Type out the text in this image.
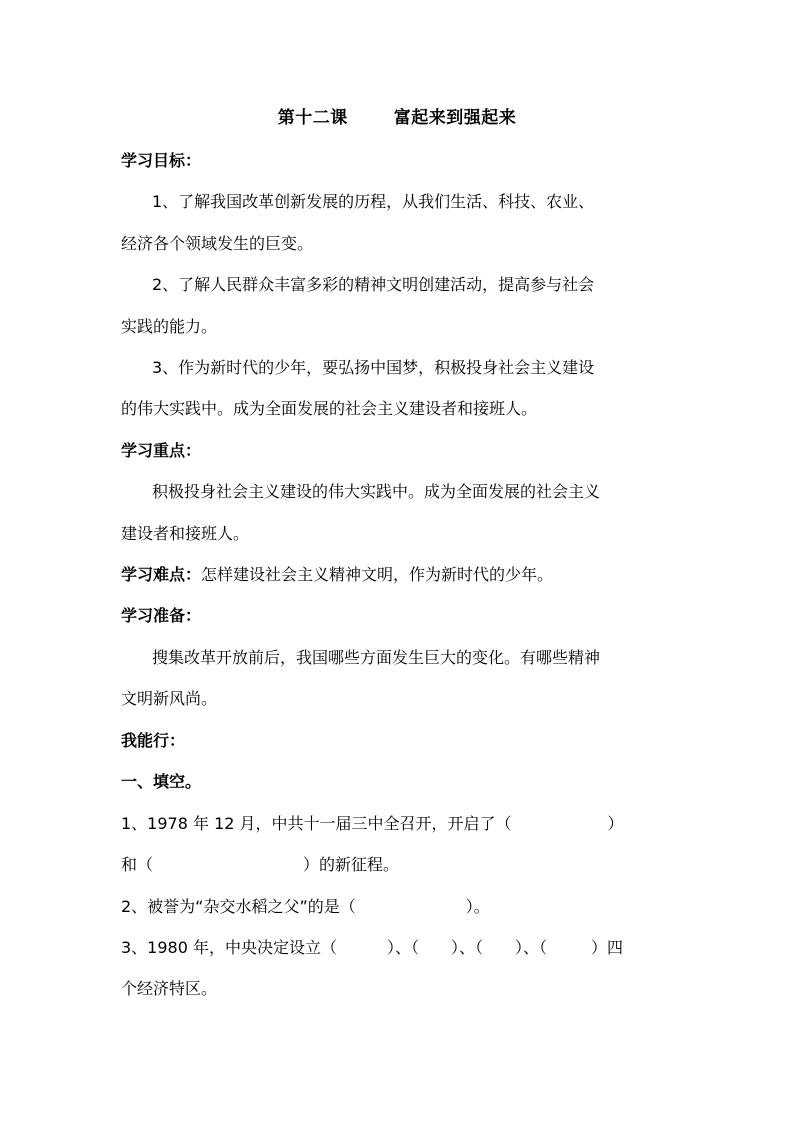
第十二课	富起来到强起来
学习目标：
1、了解我国改革创新发展的历程，从我们生活、科技、农业、
经济各个领域发生的巨变。
2、了解人民群众丰富多彩的精神文明创建活动，提高参与社会
实践的能力。
3、作为新时代的少年，要弘扬中国梦，积极投身社会主义建设
的伟大实践中。成为全面发展的社会主义建设者和接班人。
学习重点：
积极投身社会主义建设的伟大实践中。成为全面发展的社会主义
建设者和接班人。
学习难点：怎样建设社会主义精神文明，作为新时代的少年。
学习准备：
搜集改革开放前后，我国哪些方面发生巨大的变化。有哪些精神
文明新风尚。
我能行：
一、填空。
1、1978 年 12 月，中共十一届三中全召开，开启了（	）
和（	）的新征程。
2、被誉为“杂交水稻之父”的是（	）。
3、1980 年，中央决定设立（	）、（ ）、（ ）、（	）四
个经济特区。
